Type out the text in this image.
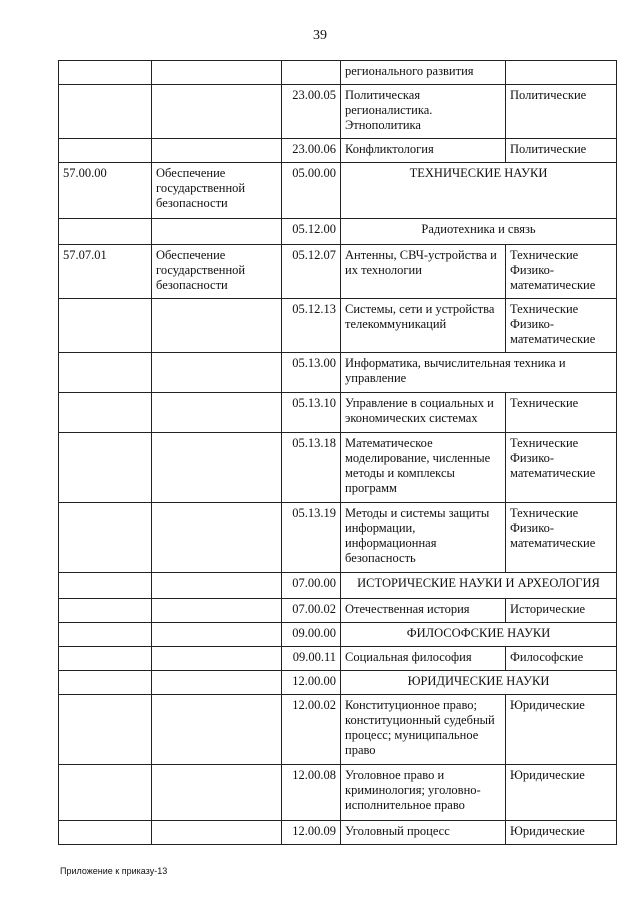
39
			регионального развития	
		23.00.05	Политическая регионалистика. Этнополитика	Политические
		23.00.06	Конфликтология	Политические
57.00.00	Обеспечение государственной безопасности	05.00.00	ТЕХНИЧЕСКИЕ НАУКИ	
		05.12.00	Радиотехника и связь	
57.07.01	Обеспечение государственной безопасности	05.12.07	Антенны, СВЧ-устройства и их технологии	Технические Физико-математические
		05.12.13	Системы, сети и устройства телекоммуникаций	Технические Физико-математические
		05.13.00	Информатика, вычислительная техника и управление	
		05.13.10	Управление в социальных и экономических системах	Технические
		05.13.18	Математическое моделирование, численные методы и комплексы программ	Технические Физико-математические
		05.13.19	Методы и системы защиты информации, информационная безопасность	Технические Физико-математические
		07.00.00	ИСТОРИЧЕСКИЕ НАУКИ И АРХЕОЛОГИЯ	
		07.00.02	Отечественная история	Исторические
		09.00.00	ФИЛОСОФСКИЕ НАУКИ	
		09.00.11	Социальная философия	Философские
		12.00.00	ЮРИДИЧЕСКИЕ НАУКИ	
		12.00.02	Конституционное право; конституционный судебный процесс; муниципальное право	Юридические
		12.00.08	Уголовное право и криминология; уголовно-исполнительное право	Юридические
		12.00.09	Уголовный процесс	Юридические
Приложение к приказу-13
